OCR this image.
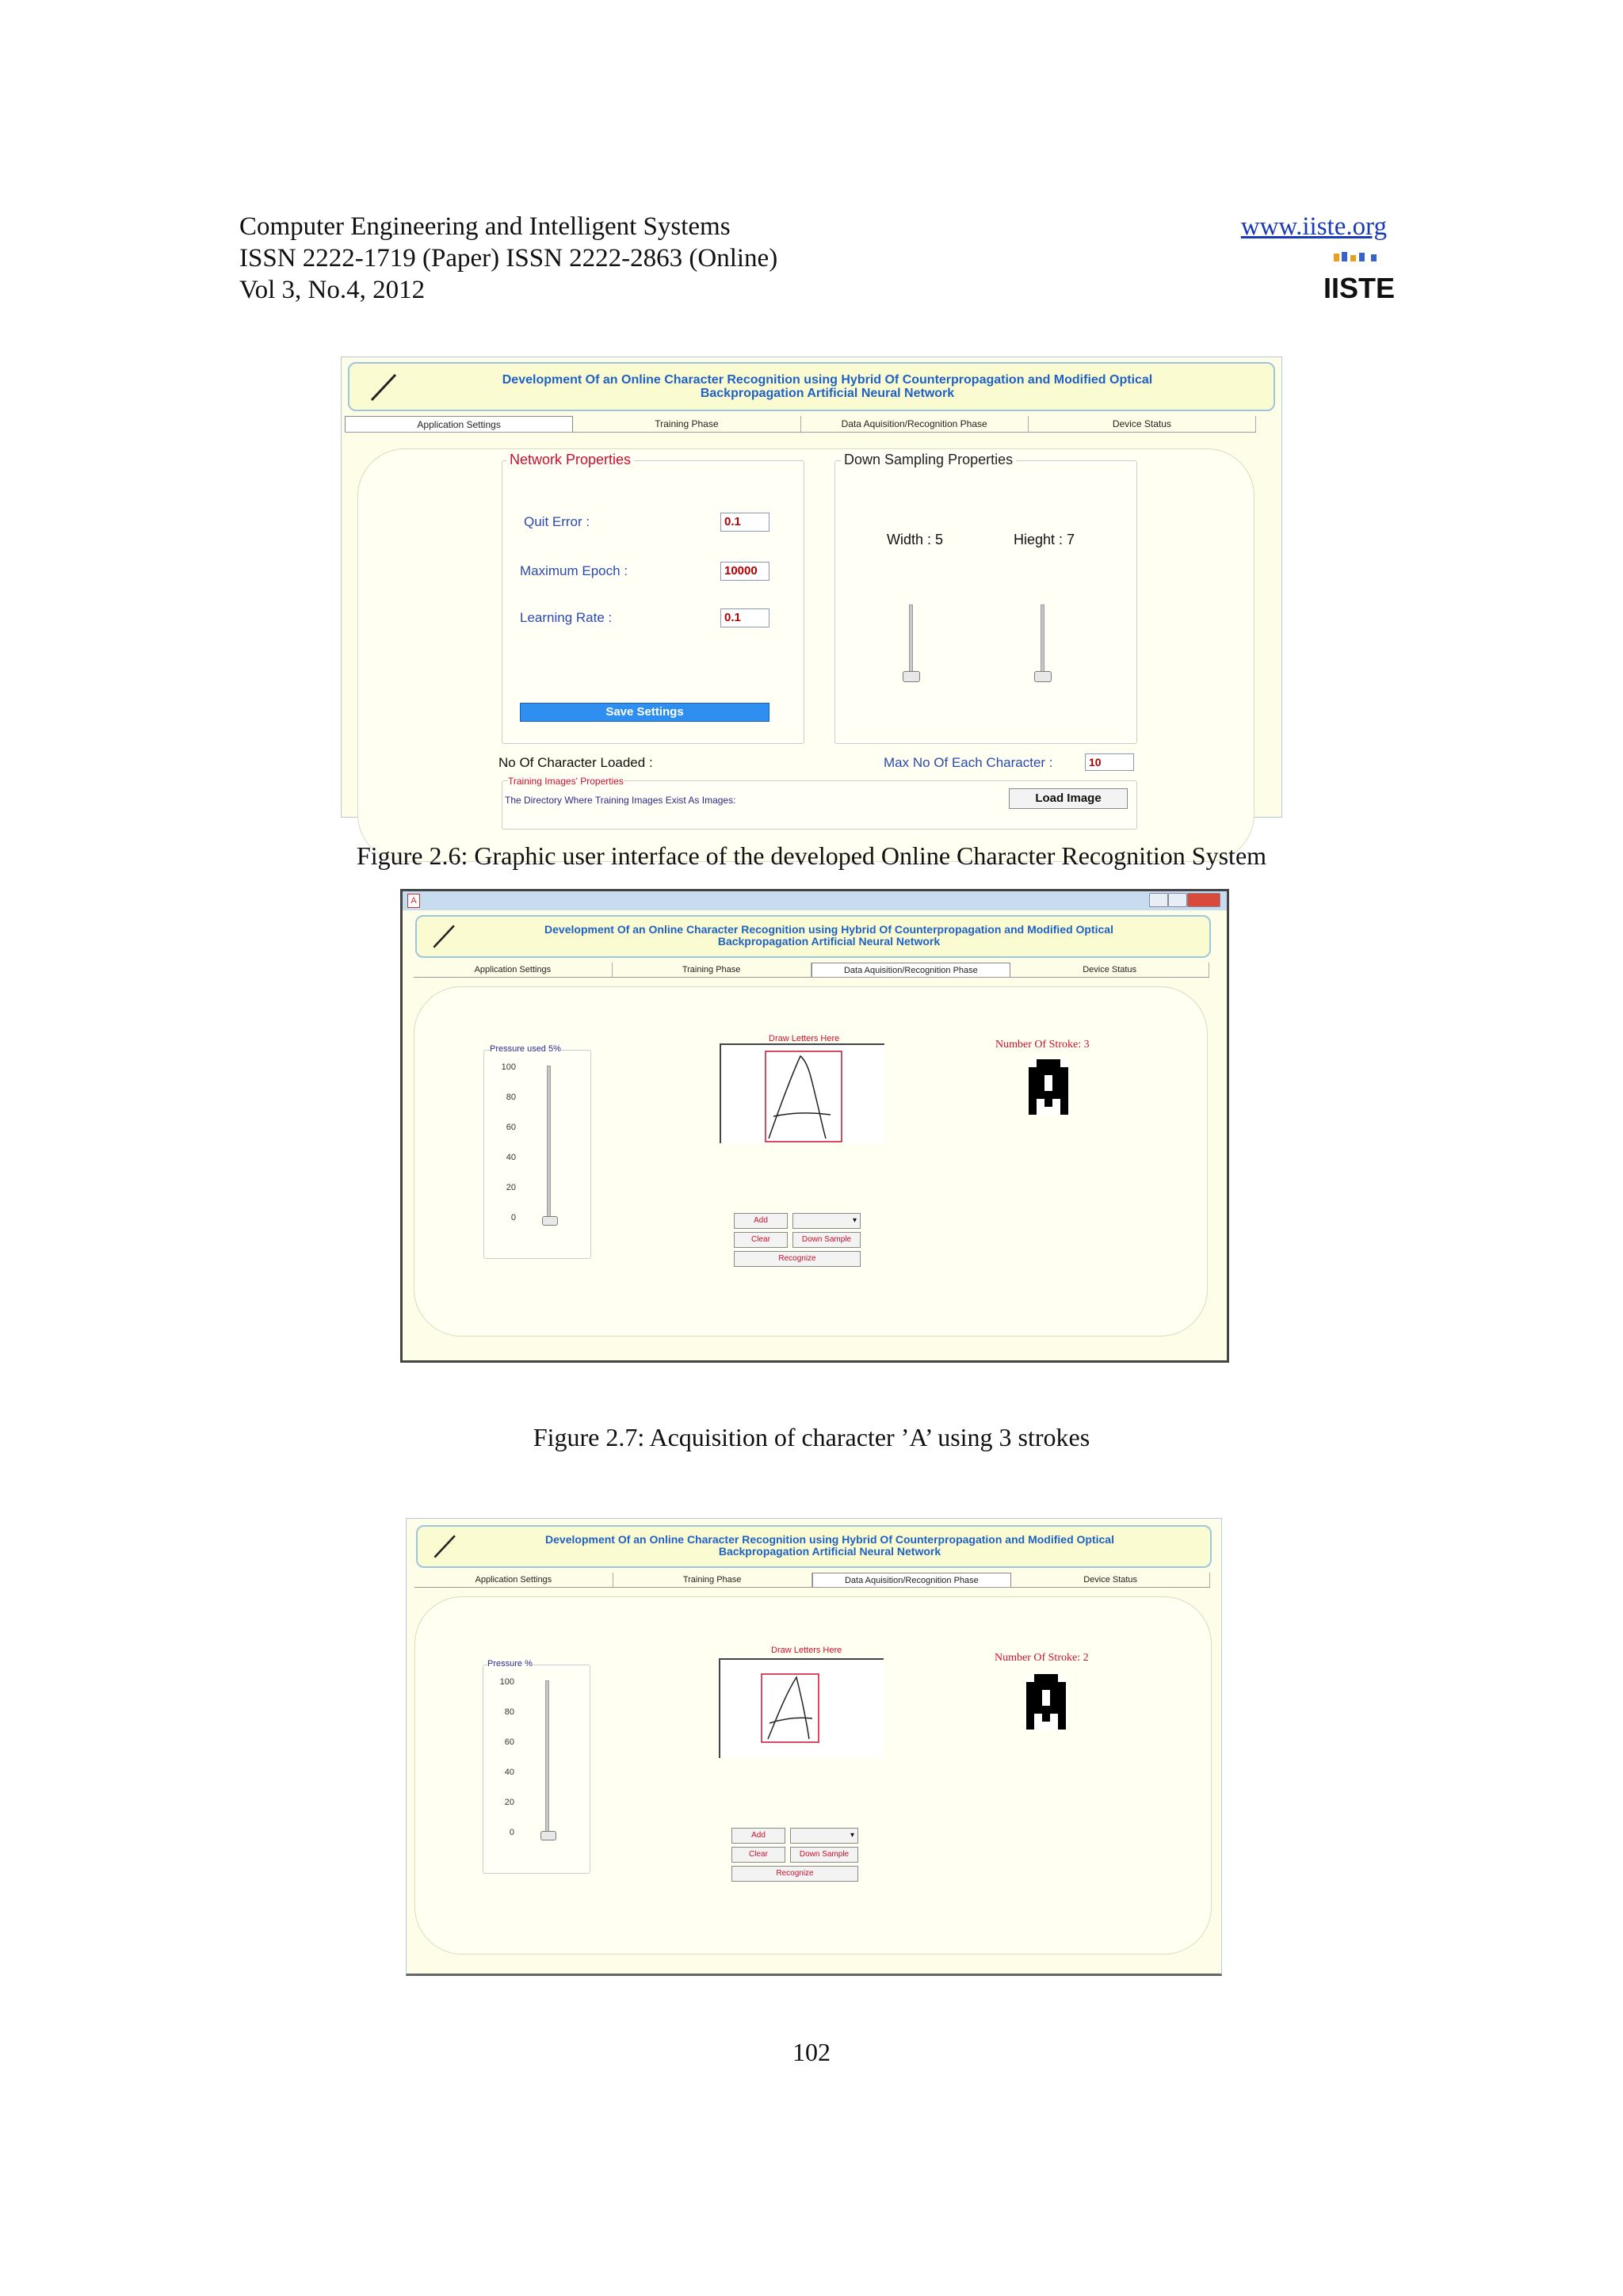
Computer Engineering and Intelligent Systems
ISSN 2222-1719 (Paper) ISSN 2222-2863 (Online)
Vol 3, No.4, 2012
www.iiste.org
IISTE
Development Of an Online Character Recognition using Hybrid Of Counterpropagation and Modified Optical
Backpropagation Artificial Neural Network
Application Settings	Training Phase	Data Aquisition/Recognition Phase	Device Status
Network Properties
Quit Error :	0.1
Maximum Epoch :	10000
Learning Rate :	0.1
Save Settings
Down Sampling Properties
Width : 5	Hieght : 7
No Of Character Loaded :	Max No Of Each Character :	10
Training Images' Properties
The Directory Where Training Images Exist As Images:	Load Image
Figure 2.6: Graphic user interface of the developed Online Character Recognition System
A
Development Of an Online Character Recognition using Hybrid Of Counterpropagation and Modified Optical
Backpropagation Artificial Neural Network
Application Settings	Training Phase	Data Aquisition/Recognition Phase	Device Status
Pressure used 5%
100
80
60
40
20
0
Draw Letters Here	Number Of Stroke: 3
Add	▾
Clear	Down Sample
Recognize
Figure 2.7: Acquisition of character ’A’ using 3 strokes
Development Of an Online Character Recognition using Hybrid Of Counterpropagation and Modified Optical
Backpropagation Artificial Neural Network
Application Settings	Training Phase	Data Aquisition/Recognition Phase	Device Status
Pressure %
100
80
60
40
20
0
Draw Letters Here
Number Of Stroke: 2
Add	▾
Clear	Down Sample
Recognize
102
